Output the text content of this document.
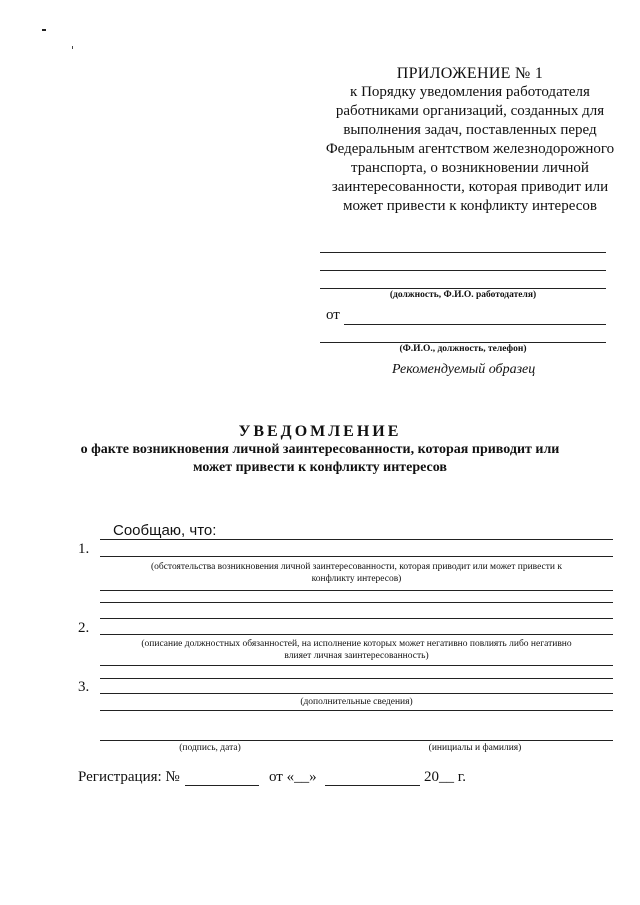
ПРИЛОЖЕНИЕ № 1
к Порядку уведомления работодателя
работниками организаций, созданных для
выполнения задач, поставленных перед
Федеральным агентством железнодорожного
транспорта, о возникновении личной
заинтересованности, которая приводит или
может привести к конфликту интересов
(должность, Ф.И.О. работодателя)
от
(Ф.И.О., должность, телефон)
Рекомендуемый образец
УВЕДОМЛЕНИЕ
о факте возникновения личной заинтересованности, которая приводит или
может привести к конфликту интересов
Сообщаю, что:
1.
(обстоятельства возникновения личной заинтересованности, которая приводит или может привести к
конфликту интересов)
2.
(описание должностных обязанностей, на исполнение которых может негативно повлиять либо негативно
влияет личная заинтересованность)
3.
(дополнительные сведения)
(подпись, дата)	(инициалы и фамилия)
Регистрация: №	от «__»	20__ г.
